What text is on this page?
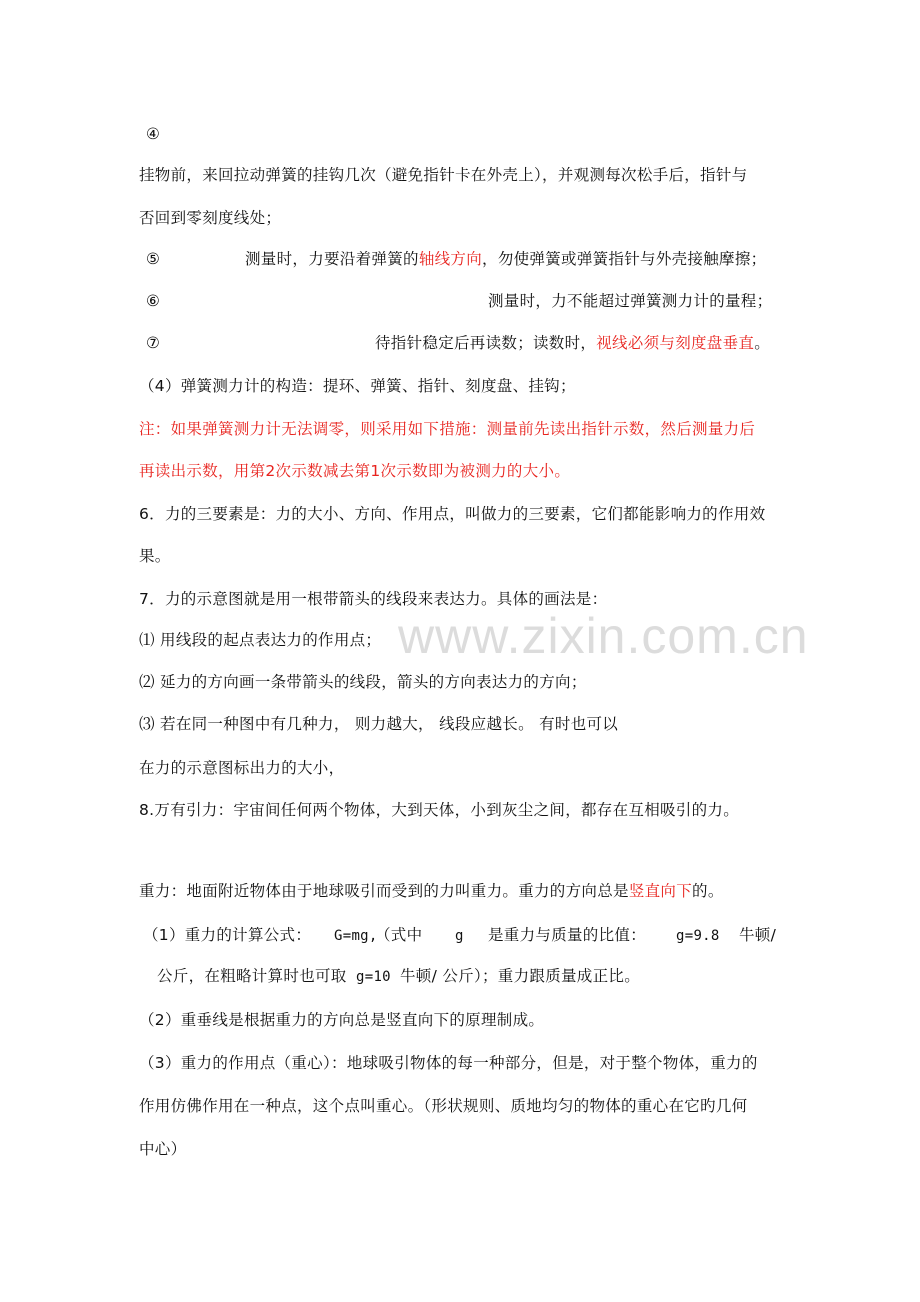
www.zixin.com.cn
④
挂物前，来回拉动弹簧的挂钩几次（避免指针卡在外壳上），并观测每次松手后，指针与
否回到零刻度线处；
⑤	测量时，力要沿着弹簧的轴线方向，勿使弹簧或弹簧指针与外壳接触摩擦；
⑥	测量时，力不能超过弹簧测力计的量程；
⑦	待指针稳定后再读数；读数时，视线必须与刻度盘垂直。
（4）弹簧测力计的构造：提环、弹簧、指针、刻度盘、挂钩；
注：如果弹簧测力计无法调零，则采用如下措施：测量前先读出指针示数，然后测量力后
再读出示数，用第2次示数减去第1次示数即为被测力的大小。
6．力的三要素是：力的大小、方向、作用点，叫做力的三要素，它们都能影响力的作用效
果。
7．力的示意图就是用一根带箭头的线段来表达力。具体的画法是：
⑴ 用线段的起点表达力的作用点；
⑵ 延力的方向画一条带箭头的线段，箭头的方向表达力的方向；
⑶ 若在同一种图中有几种力， 则力越大， 线段应越长。 有时也可以
在力的示意图标出力的大小，
8.万有引力：宇宙间任何两个物体，大到天体，小到灰尘之间，都存在互相吸引的力。
重力：地面附近物体由于地球吸引而受到的力叫重力。重力的方向总是竖直向下的。
（1）重力的计算公式： G=mg,
（式中 g 是重力与质量的比值： g=9.8 牛顿/
公斤，在粗略计算时也可取 g=10 牛顿/ 公斤）；重力跟质量成正比。
（2）重垂线是根据重力的方向总是竖直向下的原理制成。
（3）重力的作用点（重心）：地球吸引物体的每一种部分，但是，对于整个物体，重力的
作用仿佛作用在一种点，这个点叫重心。（形状规则、质地均匀的物体的重心在它旳几何
中心）
